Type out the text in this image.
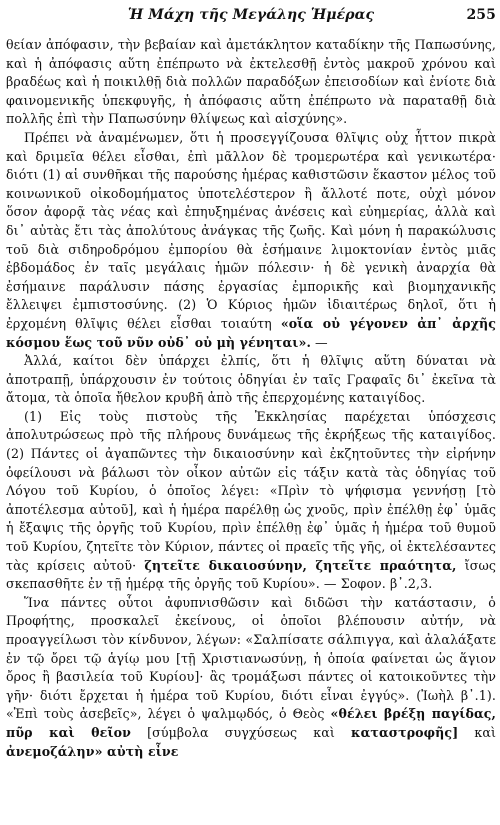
Ἡ Μάχη τῆς Μεγάλης Ἡμέρας	255

θείαν ἀπόφασιν, τὴν βεβαίαν καὶ ἀμετάκλητον καταδίκην τῆς Παπωσύνης, καὶ ἡ ἀπόφασις αὕτη ἐπέπρωτο νὰ ἐκτελεσθῇ ἐντὸς μακροῦ χρόνου καὶ βραδέως καὶ ἡ ποικιλθῇ διὰ πολλῶν παραδόξων ἐπεισοδίων καὶ ἐνίοτε διὰ φαινομενικῆς ὑπεκφυγῆς, ἡ ἀπόφασις αὕτη ἐπέπρωτο νὰ παραταθῇ διὰ πολλῆς ἐπὶ τὴν Παπωσύνην θλίψεως καὶ αἰσχύνης».

Πρέπει νὰ ἀναμένωμεν, ὅτι ἡ προσεγγίζουσα θλῖψις οὐχ ἧττον πικρὰ καὶ δριμεῖα θέλει εἶσθαι, ἐπὶ μᾶλλον δὲ τρομερωτέρα καὶ γενικωτέρα· διότι (1) αἱ συνθῆκαι τῆς παρούσης ἡμέρας καθιστῶσιν ἕκαστον μέλος τοῦ κοινωνικοῦ οἰκοδομήματος ὑποτελέστερον ἢ ἄλλοτέ ποτε, οὐχὶ μόνον ὅσον ἀφορᾷ τὰς νέας καὶ ἐπηυξημένας ἀνέσεις καὶ εὐημερίας, ἀλλὰ καὶ δι᾽ αὐτὰς ἔτι τὰς ἀπολύτους ἀνάγκας τῆς ζωῆς. Καὶ μόνη ἡ παρακώλυσις τοῦ διὰ σιδηροδρόμου ἐμπορίου θὰ ἐσήμαινε λιμοκτονίαν ἐντὸς μιᾶς ἑβδομάδος ἐν ταῖς μεγάλαις ἡμῶν πόλεσιν· ἡ δὲ γενικὴ ἀναρχία θὰ ἐσήμαινε παράλυσιν πάσης ἐργασίας ἐμπορικῆς καὶ βιομηχανικῆς ἔλλειψει ἐμπιστοσύνης. (2) Ὁ Κύριος ἡμῶν ἰδιαιτέρως δηλοῖ, ὅτι ἡ ἐρχομένη θλῖψις θέλει εἶσθαι τοιαύτη «οἵα οὐ γέγονεν ἀπ᾽ ἀρχῆς κόσμου ἕως τοῦ νῦν οὐδ᾽ οὐ μὴ γένηται». —

Ἀλλά, καίτοι δὲν ὑπάρχει ἐλπίς, ὅτι ἡ θλῖψις αὕτη δύναται νὰ ἀποτραπῇ, ὑπάρχουσιν ἐν τούτοις ὁδηγίαι ἐν ταῖς Γραφαῖς δι᾽ ἐκεῖνα τὰ ἄτομα, τὰ ὁποῖα ἤθελον κρυβῆ ἀπὸ τῆς ἐπερχομένης καταιγίδος.

(1) Εἰς τοὺς πιστοὺς τῆς Ἐκκλησίας παρέχεται ὑπόσχεσις ἀπολυτρώσεως πρὸ τῆς πλήρους δυνάμεως τῆς ἐκρήξεως τῆς καταιγίδος. (2) Πάντες οἱ ἀγαπῶντες τὴν δικαιοσύνην καὶ ἐκζητοῦντες τὴν εἰρήνην ὀφείλουσι νὰ βάλωσι τὸν οἶκον αὐτῶν εἰς τάξιν κατὰ τὰς ὁδηγίας τοῦ Λόγου τοῦ Κυρίου, ὁ ὁποῖος λέγει: «Πρὶν τὸ ψήφισμα γεννήσῃ [τὸ ἀποτέλεσμα αὐτοῦ], καὶ ἡ ἡμέρα παρέλθῃ ὡς χνοῦς, πρὶν ἐπέλθῃ ἐφ᾽ ὑμᾶς ἡ ἔξαψις τῆς ὀργῆς τοῦ Κυρίου, πρὶν ἐπέλθῃ ἐφ᾽ ὑμᾶς ἡ ἡμέρα τοῦ θυμοῦ τοῦ Κυρίου, ζητεῖτε τὸν Κύριον, πάντες οἱ πραεῖς τῆς γῆς, οἱ ἐκτελέσαντες τὰς κρίσεις αὐτοῦ· ζητεῖτε δικαιοσύνην, ζητεῖτε πραότητα, ἴσως σκεπασθῆτε ἐν τῇ ἡμέρᾳ τῆς ὀργῆς τοῦ Κυρίου». — Σοφον. β᾽.2,3.

Ἵνα πάντες οὗτοι ἀφυπνισθῶσιν καὶ διδῶσι τὴν κατάστασιν, ὁ Προφήτης, προσκαλεῖ ἐκείνους, οἱ ὁποῖοι βλέπουσιν αὐτήν, νὰ προαγγείλωσι τὸν κίνδυνον, λέγων: «Σαλπίσατε σάλπιγγα, καὶ ἀλαλάξατε ἐν τῷ ὄρει τῷ ἁγίῳ μου [τῇ Χριστιανωσύνῃ, ἡ ὁποία φαίνεται ὡς ἅγιον ὄρος ἢ βασιλεία τοῦ Κυρίου]· ἂς τρομάξωσι πάντες οἱ κατοικοῦντες τὴν γῆν· διότι ἔρχεται ἡ ἡμέρα τοῦ Κυρίου, διότι εἶναι ἐγγύς». (Ἰωὴλ β᾽.1). «Ἐπὶ τοὺς ἀσεβεῖς», λέγει ὁ ψαλμῳδός, ὁ Θεὸς «θέλει βρέξῃ παγίδας, πῦρ καὶ θεῖον [σύμβολα συγχύσεως καὶ καταστροφῆς] καὶ ἀνεμοζάλην» αὐτὴ εἶνε
